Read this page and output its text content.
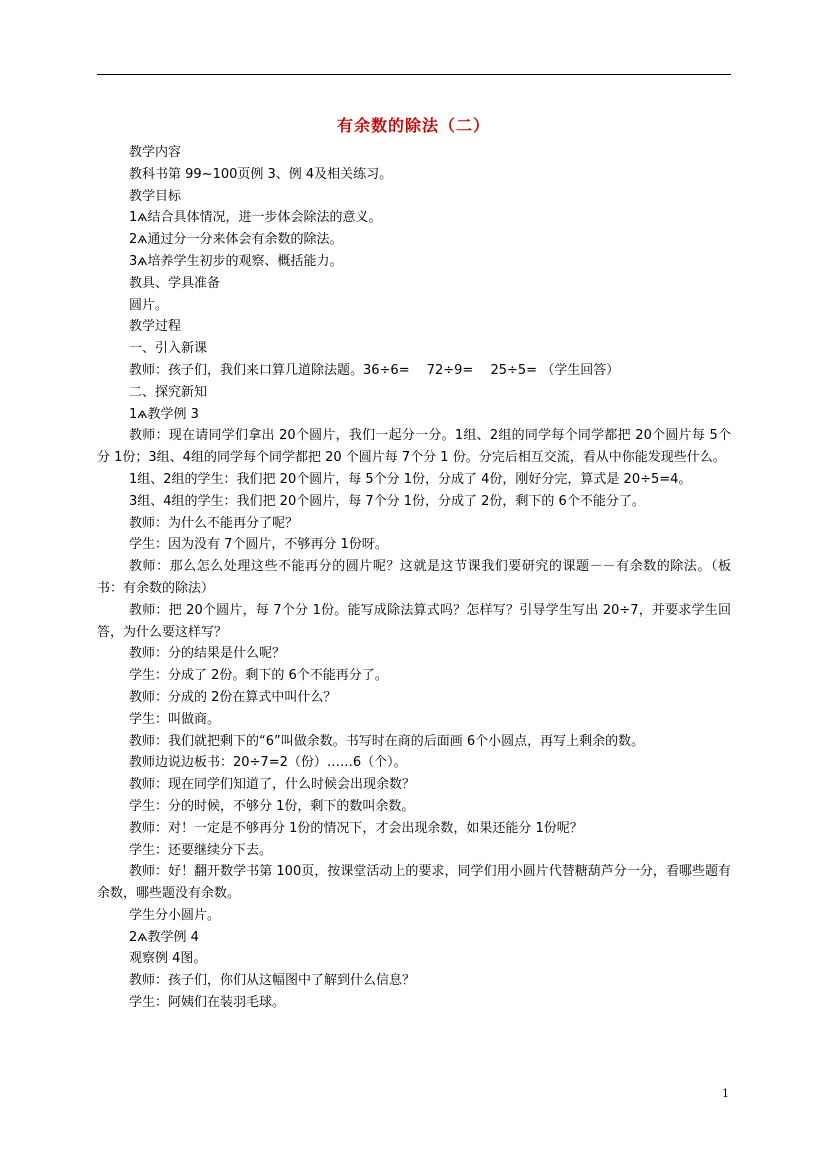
有余数的除法（二）

教学内容

教科书第 99~100页例 3、例 4及相关练习。

教学目标

1ѧ结合具体情况，进一步体会除法的意义。

2ѧ通过分一分来体会有余数的除法。

3ѧ培养学生初步的观察、概括能力。

教具、学具准备

圆片。

教学过程

一、引入新课

教师：孩子们，我们来口算几道除法题。36÷6=　 72÷9=　 25÷5= （学生回答）

二、探究新知

1ѧ教学例 3

教师：现在请同学们拿出 20个圆片，我们一起分一分。1组、2组的同学每个同学都把 20个圆片每 5个分 1份；3组、4组的同学每个同学都把 20 个圆片每 7个分 1 份。分完后相互交流，看从中你能发现些什么。

1组、2组的学生：我们把 20个圆片，每 5个分 1份，分成了 4份，刚好分完，算式是 20÷5=4。

3组、4组的学生：我们把 20个圆片，每 7个分 1份，分成了 2份，剩下的 6个不能分了。

教师：为什么不能再分了呢？

学生：因为没有 7个圆片，不够再分 1份呀。

教师：那么怎么处理这些不能再分的圆片呢？这就是这节课我们要研究的课题－－有余数的除法。（板书：有余数的除法）

教师：把 20个圆片，每 7个分 1份。能写成除法算式吗？怎样写？引导学生写出 20÷7，并要求学生回答，为什么要这样写？

教师：分的结果是什么呢？

学生：分成了 2份。剩下的 6个不能再分了。

教师：分成的 2份在算式中叫什么？

学生：叫做商。

教师：我们就把剩下的“6”叫做余数。书写时在商的后面画 6个小圆点，再写上剩余的数。

教师边说边板书：20÷7=2（份）……6（个）。

教师：现在同学们知道了，什么时候会出现余数？

学生：分的时候，不够分 1份，剩下的数叫余数。

教师：对！一定是不够再分 1份的情况下，才会出现余数，如果还能分 1份呢？

学生：还要继续分下去。

教师：好！翻开数学书第 100页，按课堂活动上的要求，同学们用小圆片代替糖葫芦分一分，看哪些题有余数，哪些题没有余数。

学生分小圆片。

2ѧ教学例 4

观察例 4图。

教师：孩子们，你们从这幅图中了解到什么信息？

学生：阿姨们在装羽毛球。

1
